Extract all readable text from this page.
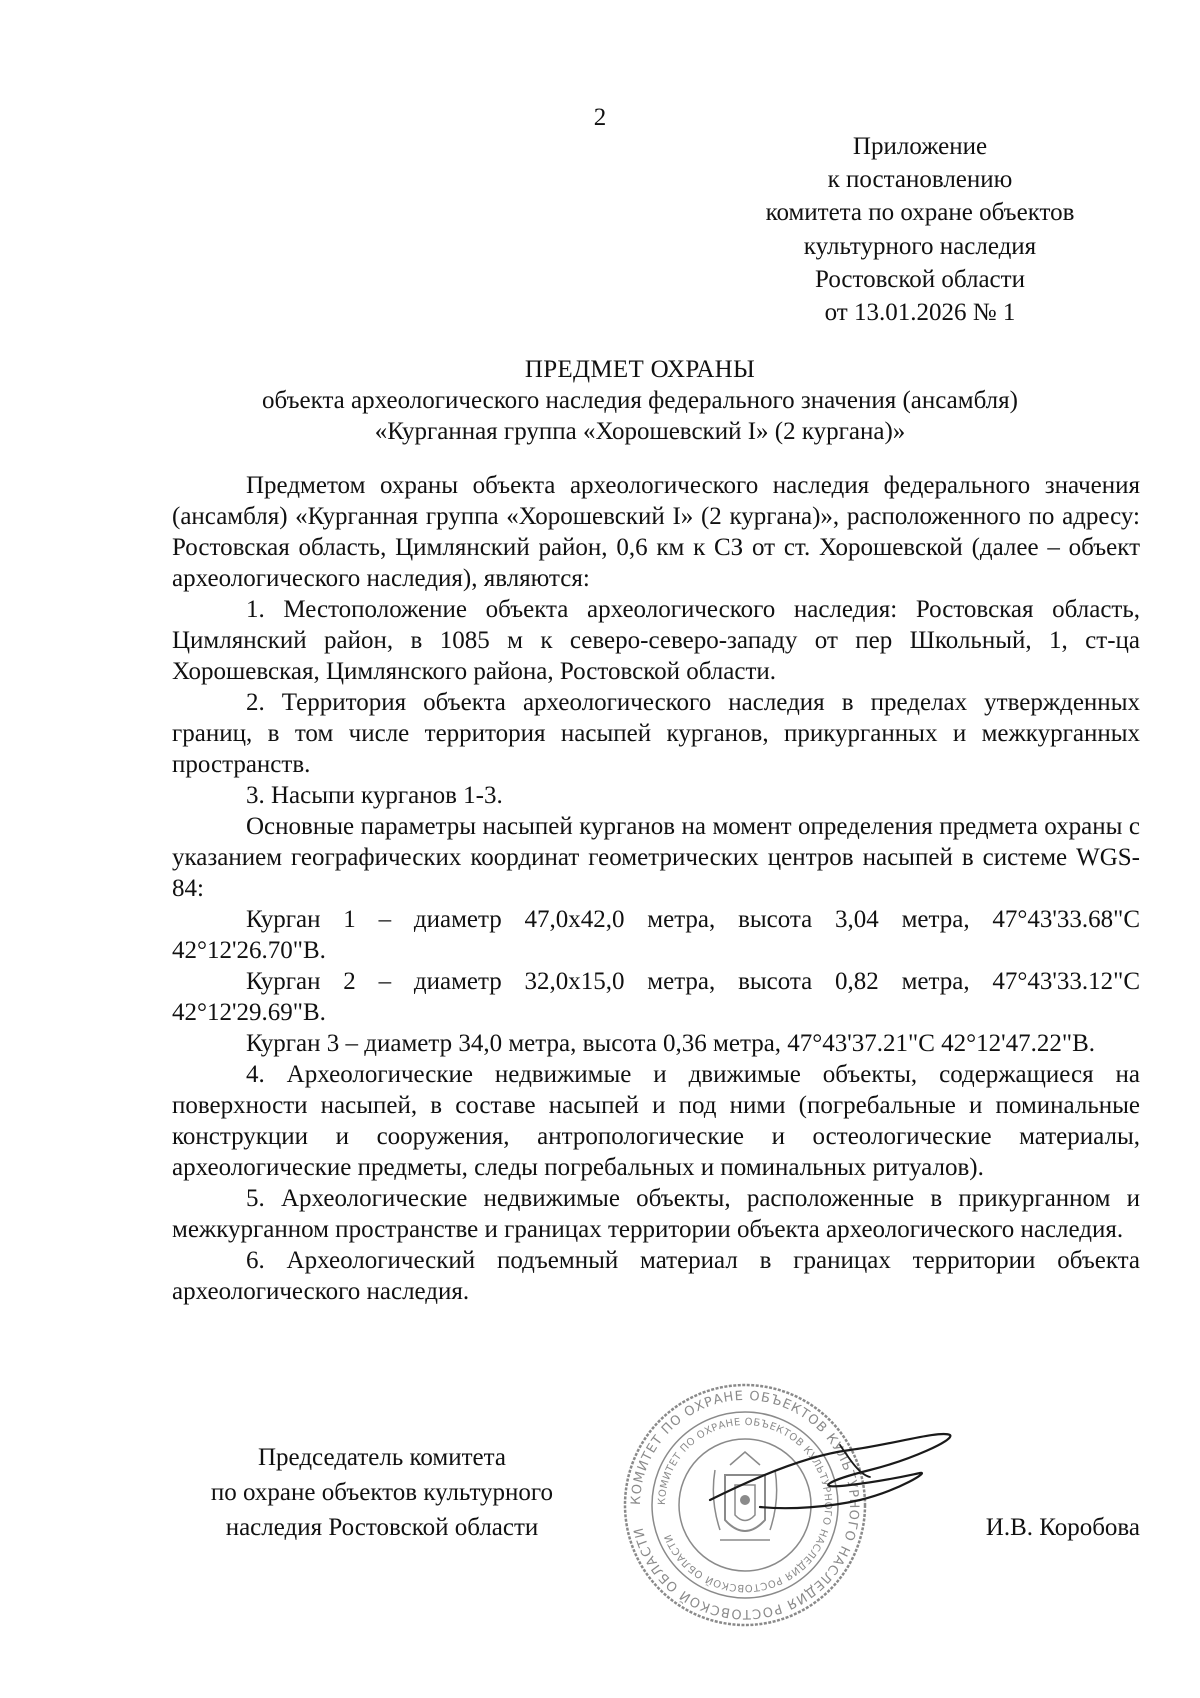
2
Приложение
к постановлению
комитета по охране объектов
культурного наследия
Ростовской области
от 13.01.2026 № 1
ПРЕДМЕТ ОХРАНЫ
объекта археологического наследия федерального значения (ансамбля)
«Курганная группа «Хорошевский I» (2 кургана)»

Предметом охраны объекта археологического наследия федерального значения (ансамбля) «Курганная группа «Хорошевский I» (2 кургана)», расположенного по адресу: Ростовская область, Цимлянский район, 0,6 км к СЗ от ст. Хорошевской (далее – объект археологического наследия), являются:

1. Местоположение объекта археологического наследия: Ростовская область, Цимлянский район, в 1085 м к северо-северо-западу от пер Школьный, 1, ст-ца Хорошевская, Цимлянского района, Ростовской области.

2. Территория объекта археологического наследия в пределах утвержденных границ, в том числе территория насыпей курганов, прикурганных и межкурганных пространств.

3. Насыпи курганов 1-3.

Основные параметры насыпей курганов на момент определения предмета охраны с указанием географических координат геометрических центров насыпей в системе WGS-84:

Курган 1 – диаметр 47,0х42,0 метра, высота 3,04 метра, 47°43'33.68"С 42°12'26.70"В.

Курган 2 – диаметр 32,0х15,0 метра, высота 0,82 метра, 47°43'33.12"С 42°12'29.69"В.

Курган 3 – диаметр 34,0 метра, высота 0,36 метра, 47°43'37.21"С 42°12'47.22"В.

4. Археологические недвижимые и движимые объекты, содержащиеся на поверхности насыпей, в составе насыпей и под ними (погребальные и поминальные конструкции и сооружения, антропологические и остеологические материалы, археологические предметы, следы погребальных и поминальных ритуалов).

5. Археологические недвижимые объекты, расположенные в прикурганном и межкурганном пространстве и границах территории объекта археологического наследия.

6. Археологический подъемный материал в границах территории объекта археологического наследия.

КОМИТЕТ ПО ОХРАНЕ ОБЪЕКТОВ КУЛЬТУРНОГО НАСЛЕДИЯ РОСТОВСКОЙ ОБЛАСТИ
КОМИТЕТ ПО ОХРАНЕ ОБЪЕКТОВ КУЛЬТУРНОГО НАСЛЕДИЯ РОСТОВСКОЙ ОБЛАСТИ
Председатель комитета
по охране объектов культурного
наследия Ростовской области	И.В. Коробова
